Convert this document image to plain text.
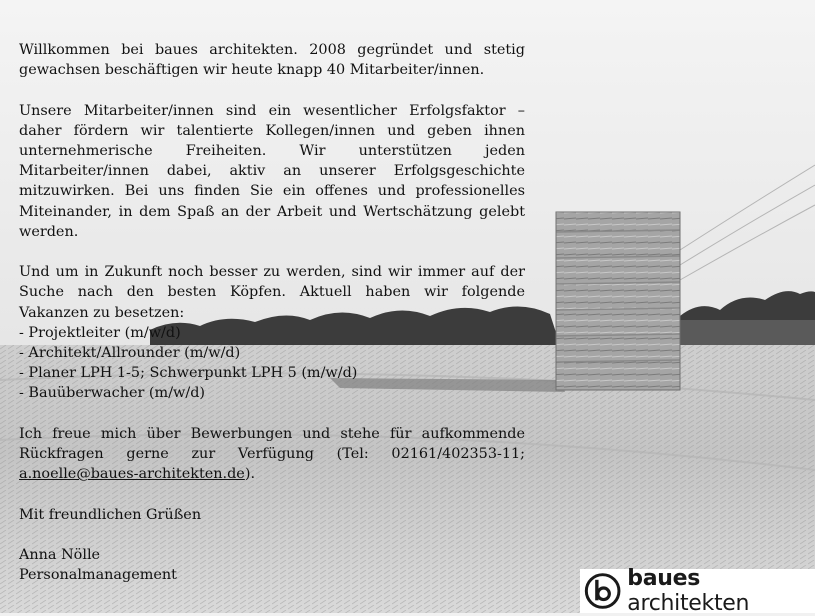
Willkommen bei baues architekten. 2008 gegründet und stetig gewachsen beschäftigen wir heute knapp 40 Mitarbeiter/innen.

Unsere Mitarbeiter/innen sind ein wesentlicher Erfolgsfaktor – daher fördern wir talentierte Kollegen/innen und geben ihnen unternehmerische Freiheiten. Wir unterstützen jeden Mitarbeiter/innen dabei, aktiv an unserer Erfolgsgeschichte mitzuwirken. Bei uns finden Sie ein offenes und professionelles Miteinander, in dem Spaß an der Arbeit und Wertschätzung gelebt werden.

Und um in Zukunft noch besser zu werden, sind wir immer auf der Suche nach den besten Köpfen. Aktuell haben wir folgende Vakanzen zu besetzen:
- Projektleiter (m/w/d)
- Architekt/Allrounder (m/w/d)
- Planer LPH 1-5; Schwerpunkt LPH 5 (m/w/d)
- Bauüberwacher (m/w/d)

Ich freue mich über Bewerbungen und stehe für aufkommende Rückfragen gerne zur Verfügung (Tel: 02161/402353-11; a.noelle@baues-architekten.de).

Mit freundlichen Grüßen

Anna Nölle
Personalmanagement	baues architekten
